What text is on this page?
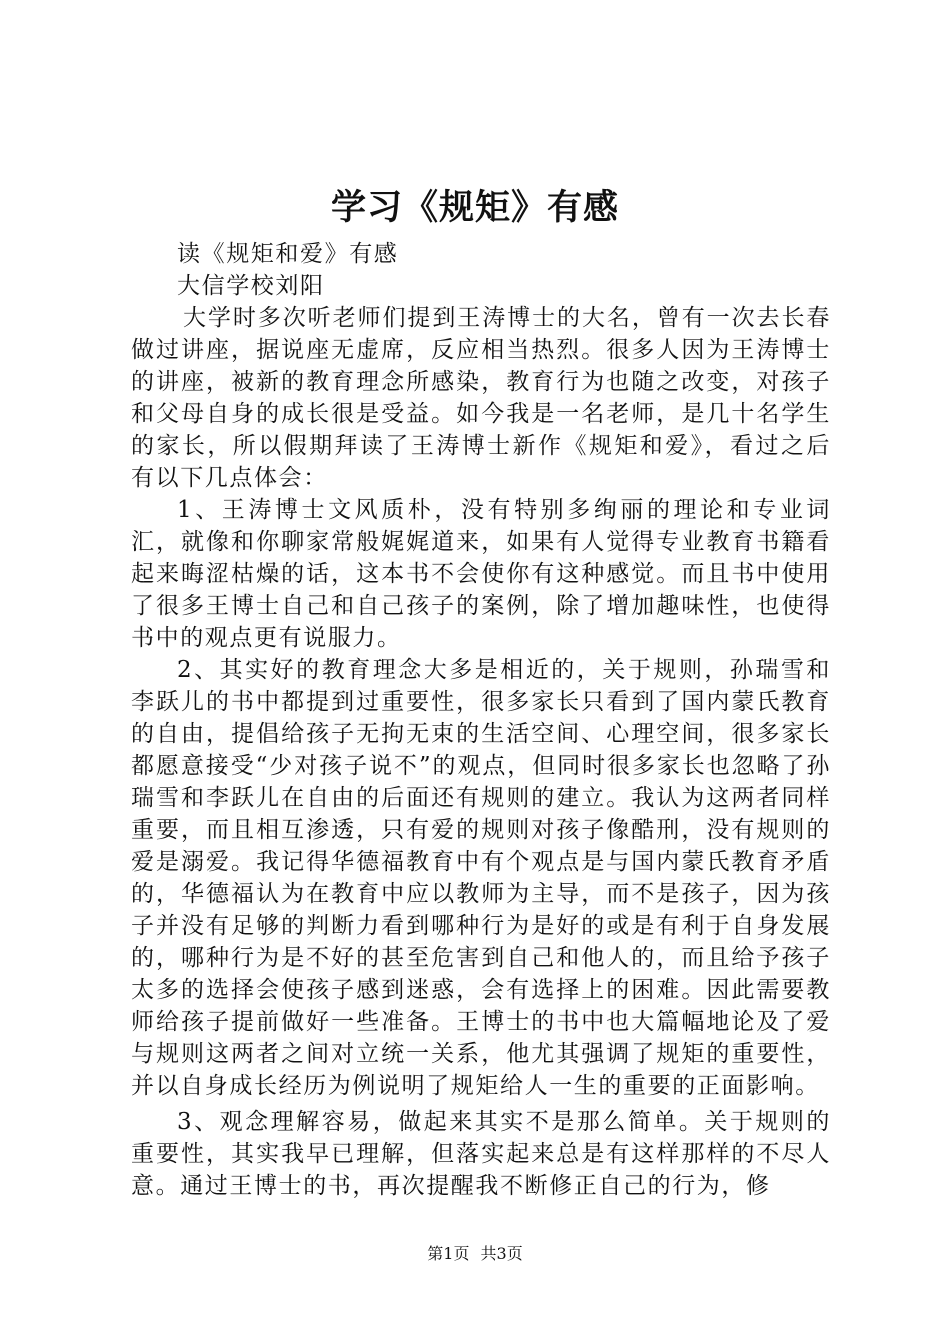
学习《规矩》有感

读《规矩和爱》有感

大信学校刘阳

大学时多次听老师们提到王涛博士的大名，曾有一次去长春做过讲座，据说座无虚席，反应相当热烈。很多人因为王涛博士的讲座，被新的教育理念所感染，教育行为也随之改变，对孩子和父母自身的成长很是受益。如今我是一名老师，是几十名学生的家长，所以假期拜读了王涛博士新作《规矩和爱》，看过之后有以下几点体会：

1、王涛博士文风质朴，没有特别多绚丽的理论和专业词汇，就像和你聊家常般娓娓道来，如果有人觉得专业教育书籍看起来晦涩枯燥的话，这本书不会使你有这种感觉。而且书中使用了很多王博士自己和自己孩子的案例，除了增加趣味性，也使得书中的观点更有说服力。

2、其实好的教育理念大多是相近的，关于规则，孙瑞雪和李跃儿的书中都提到过重要性，很多家长只看到了国内蒙氏教育的自由，提倡给孩子无拘无束的生活空间、心理空间，很多家长都愿意接受“少对孩子说不”的观点，但同时很多家长也忽略了孙瑞雪和李跃儿在自由的后面还有规则的建立。我认为这两者同样重要，而且相互渗透，只有爱的规则对孩子像酷刑，没有规则的爱是溺爱。我记得华德福教育中有个观点是与国内蒙氏教育矛盾的，华德福认为在教育中应以教师为主导，而不是孩子，因为孩子并没有足够的判断力看到哪种行为是好的或是有利于自身发展的，哪种行为是不好的甚至危害到自己和他人的，而且给予孩子太多的选择会使孩子感到迷惑，会有选择上的困难。因此需要教师给孩子提前做好一些准备。王博士的书中也大篇幅地论及了爱与规则这两者之间对立统一关系，他尤其强调了规矩的重要性，并以自身成长经历为例说明了规矩给人一生的重要的正面影响。

3、观念理解容易，做起来其实不是那么简单。关于规则的重要性，其实我早已理解，但落实起来总是有这样那样的不尽人意。通过王博士的书，再次提醒我不断修正自己的行为，修

第1页 共3页
